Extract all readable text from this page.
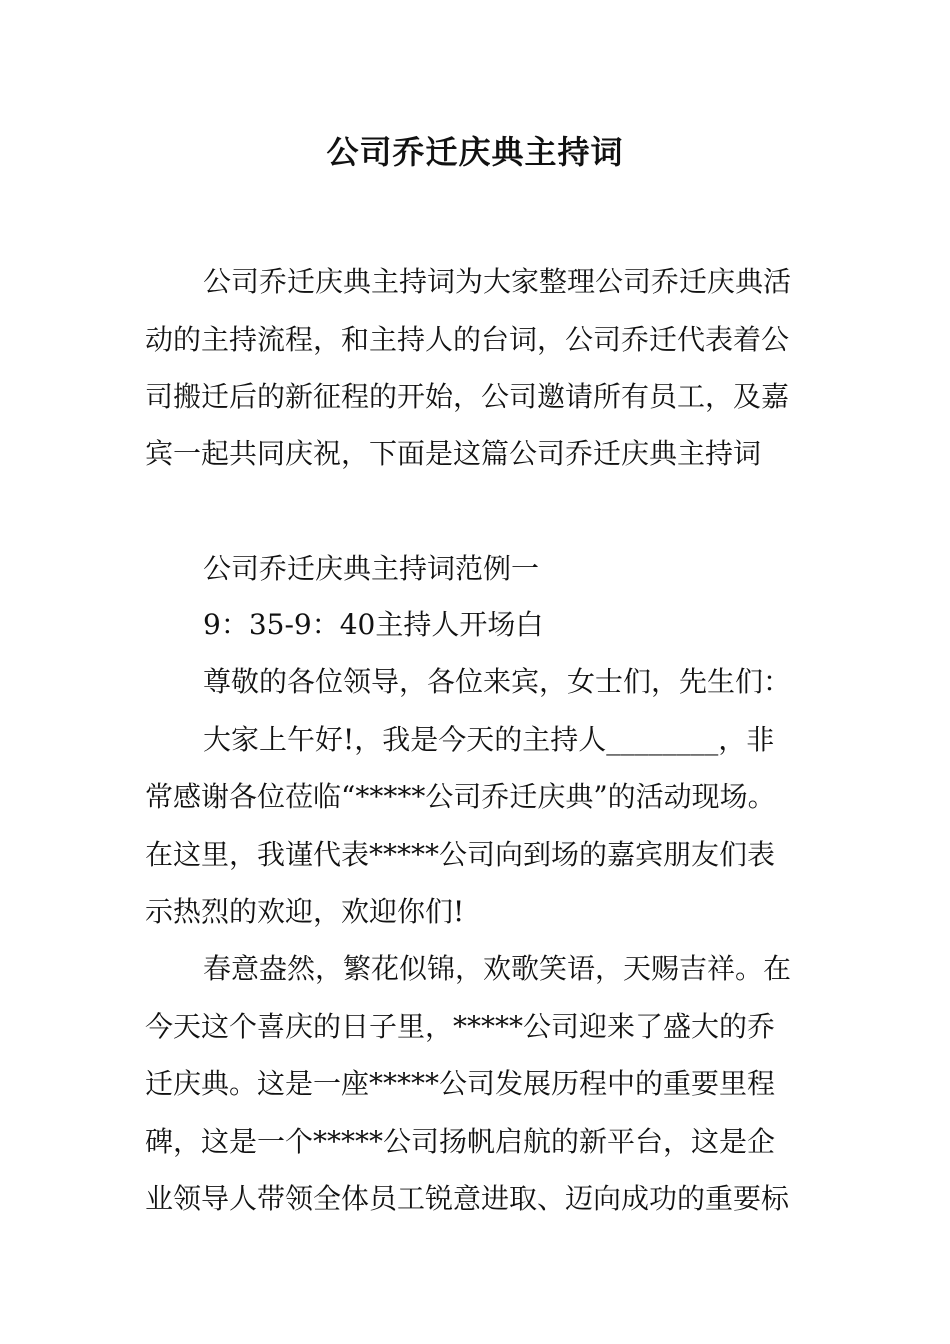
公司乔迁庆典主持词
公司乔迁庆典主持词为大家整理公司乔迁庆典活
动的主持流程，和主持人的台词，公司乔迁代表着公
司搬迁后的新征程的开始，公司邀请所有员工，及嘉
宾一起共同庆祝，下面是这篇公司乔迁庆典主持词
公司乔迁庆典主持词范例一
9：35-9：40主持人开场白
尊敬的各位领导，各位来宾，女士们，先生们：
大家上午好!，我是今天的主持人________，非
常感谢各位莅临“*****公司乔迁庆典”的活动现场。
在这里，我谨代表*****公司向到场的嘉宾朋友们表
示热烈的欢迎，欢迎你们!
春意盎然，繁花似锦，欢歌笑语，天赐吉祥。在
今天这个喜庆的日子里，*****公司迎来了盛大的乔
迁庆典。这是一座*****公司发展历程中的重要里程
碑，这是一个*****公司扬帆启航的新平台，这是企
业领导人带领全体员工锐意进取、迈向成功的重要标
